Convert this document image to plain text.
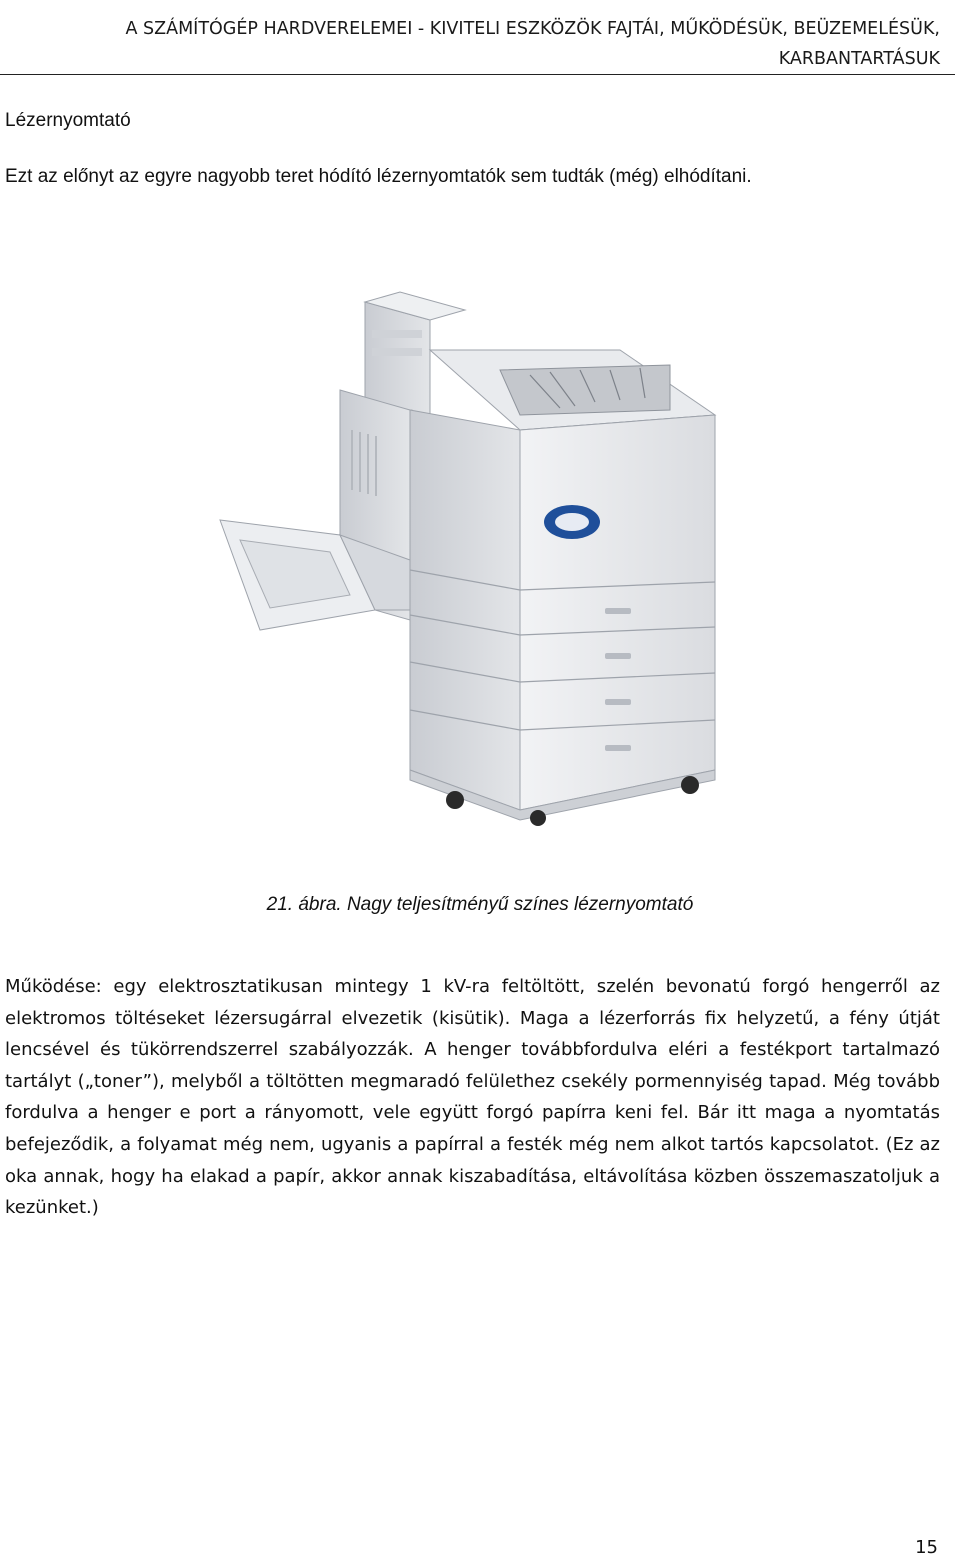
A SZÁMÍTÓGÉP HARDVERELEMEI - KIVITELI ESZKÖZÖK FAJTÁI, MŰKÖDÉSÜK, BEÜZEMELÉSÜK,
KARBANTARTÁSUK
Lézernyomtató
Ezt az előnyt az egyre nagyobb teret hódító lézernyomtatók sem tudták (még) elhódítani.
21. ábra. Nagy teljesítményű színes lézernyomtató

Működése: egy elektrosztatikusan mintegy 1 kV-ra feltöltött, szelén bevonatú forgó hengerről az elektromos töltéseket lézersugárral elvezetik (kisütik). Maga a lézerforrás fix helyzetű, a fény útját lencsével és tükörrendszerrel szabályozzák. A henger továbbfordulva eléri a festékport tartalmazó tartályt („toner”), melyből a töltötten megmaradó felülethez csekély pormennyiség tapad. Még tovább fordulva a henger e port a rányomott, vele együtt forgó papírra keni fel. Bár itt maga a nyomtatás befejeződik, a folyamat még nem, ugyanis a papírral a festék még nem alkot tartós kapcsolatot. (Ez az oka annak, hogy ha elakad a papír, akkor annak kiszabadítása, eltávolítása közben összemaszatoljuk a kezünket.)

15
